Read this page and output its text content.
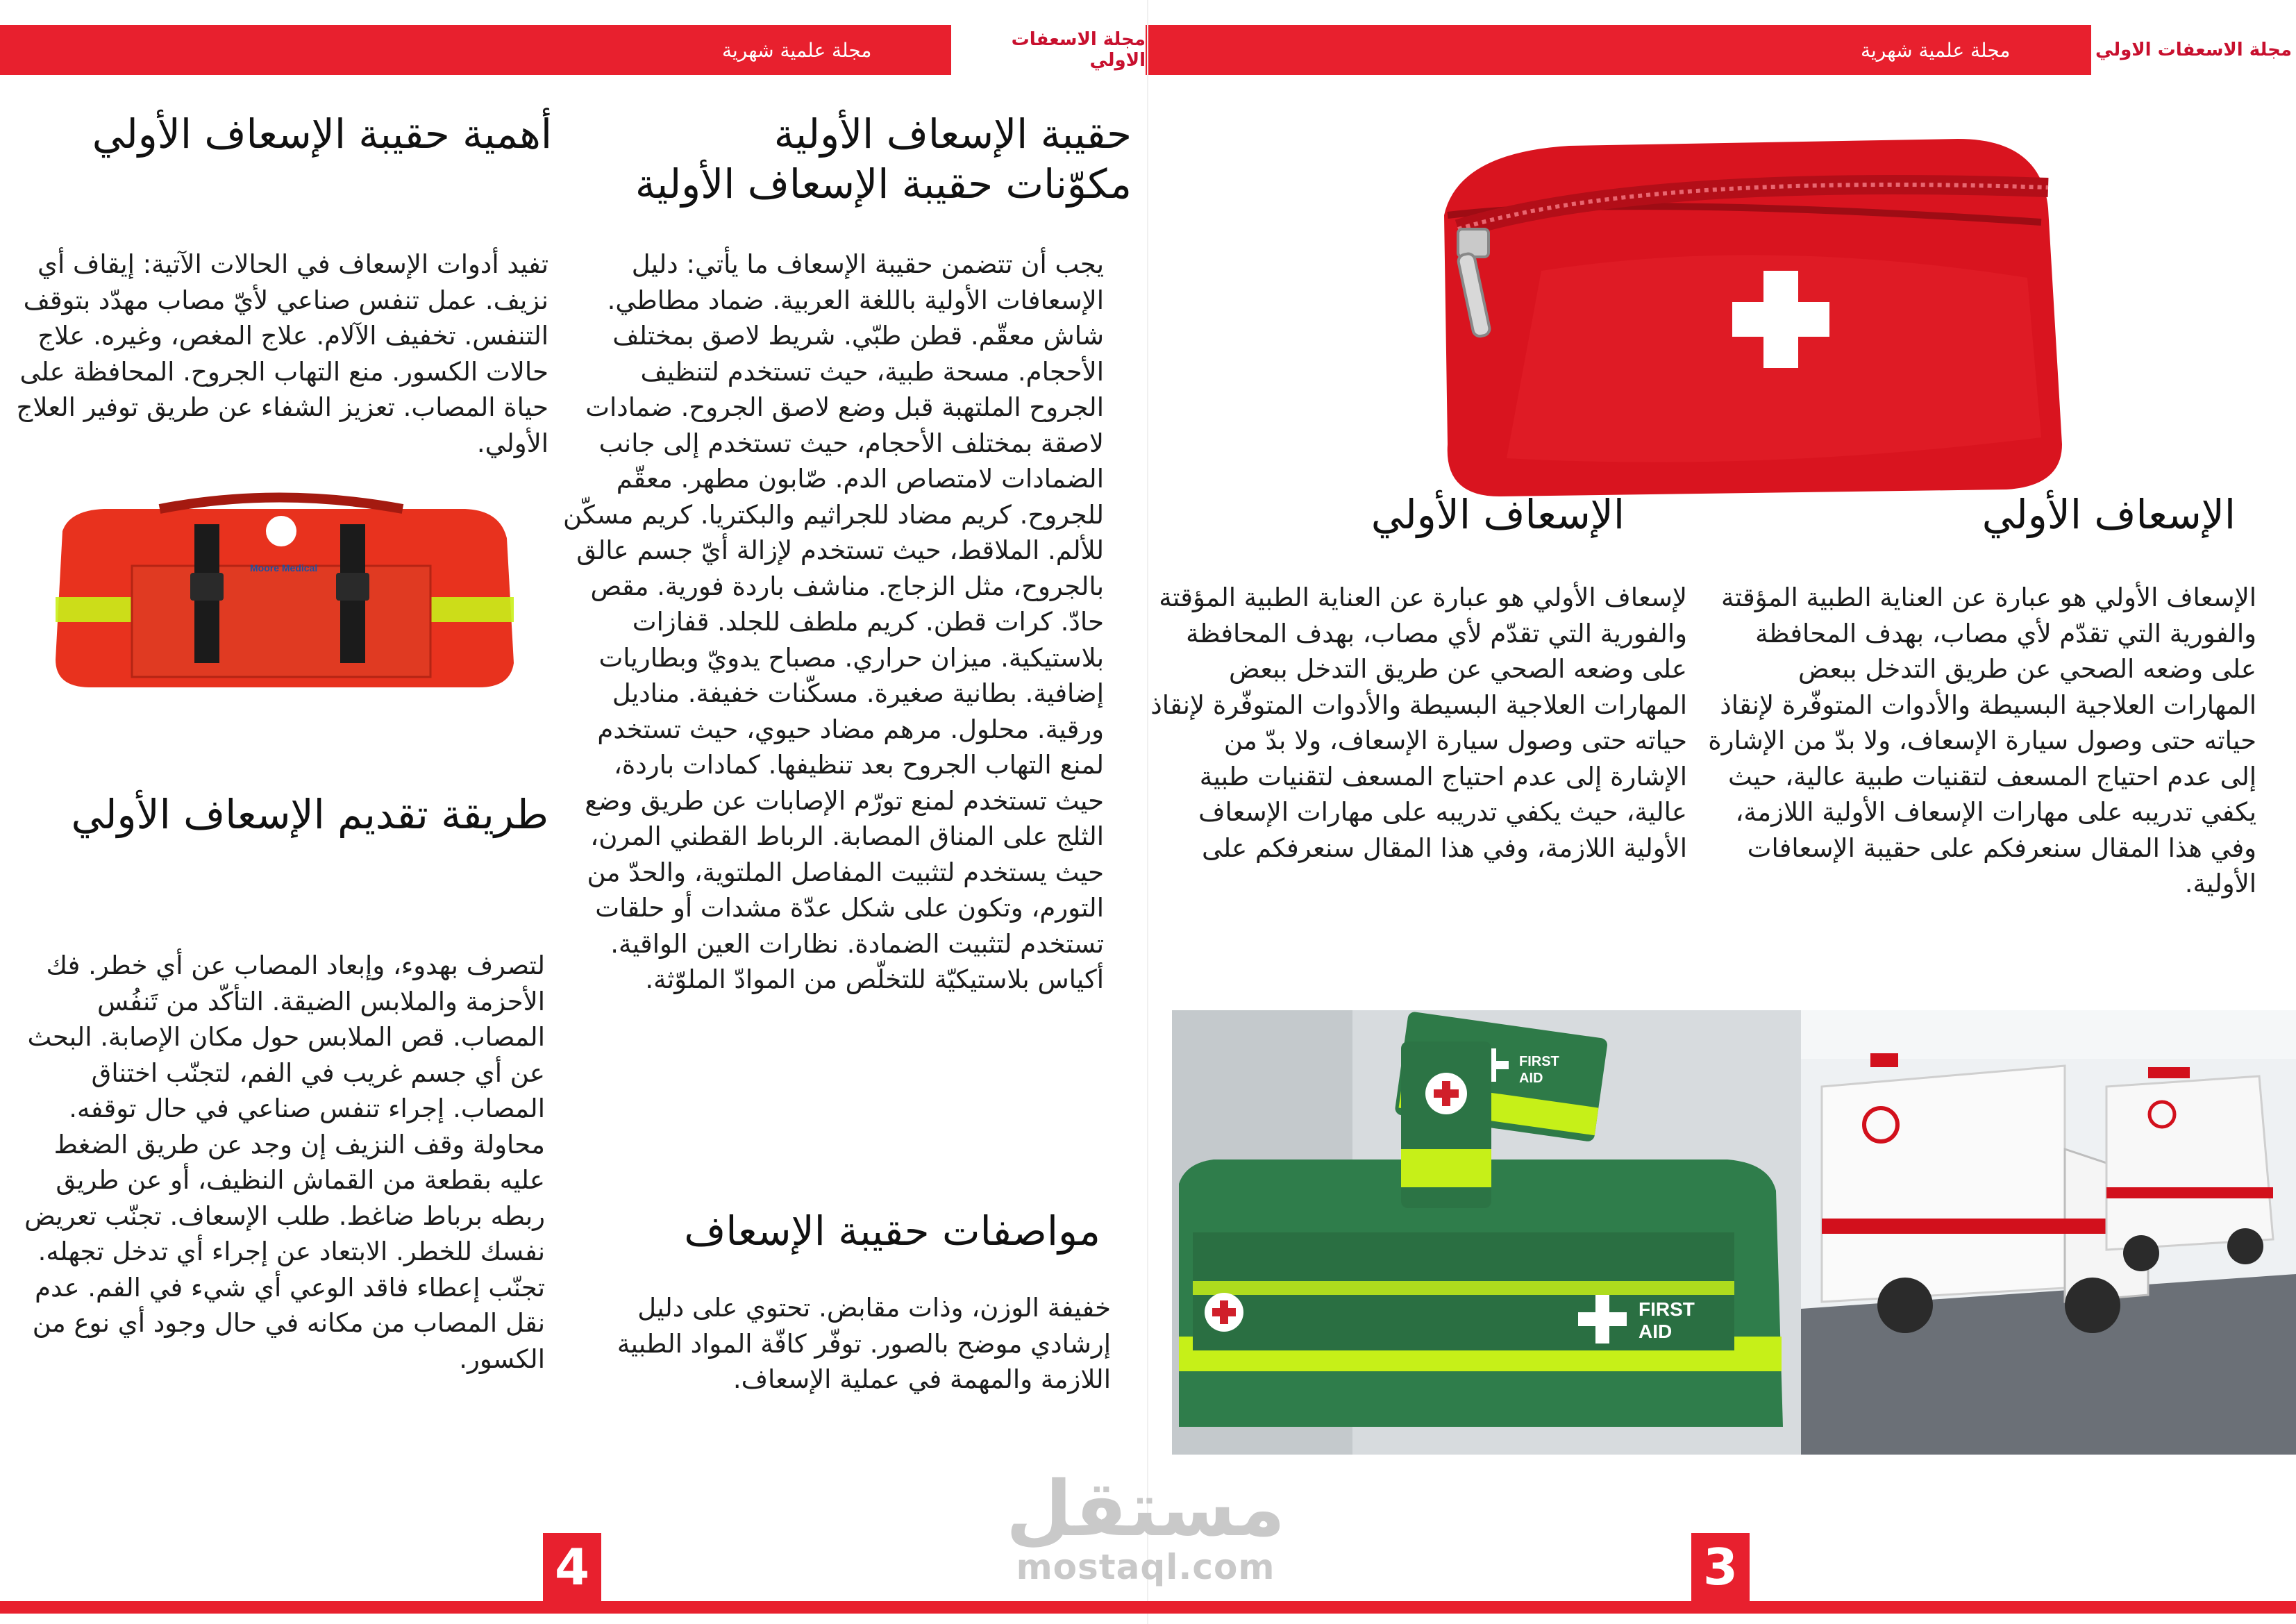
مجلة الاسعفات الاولي
مجلة علمية شهرية	مجلة الاسعفات الاولي
مجلة علمية شهرية
الإسعاف الأولي
الإسعاف الأولي

الإسعاف الأولي هو عبارة عن العناية الطبية المؤقتة والفورية التي تقدّم لأي مصاب، بهدف المحافظة على وضعه الصحي عن طريق التدخل ببعض المهارات العلاجية البسيطة والأدوات المتوفّرة لإنقاذ حياته حتى وصول سيارة الإسعاف، ولا بدّ من الإشارة إلى عدم احتياج المسعف لتقنيات طبية عالية، حيث يكفي تدريبه على مهارات الإسعاف الأولية اللازمة، وفي هذا المقال سنعرفكم على حقيبة الإسعافات الأولية.

لإسعاف الأولي هو عبارة عن العناية الطبية المؤقتة والفورية التي تقدّم لأي مصاب، بهدف المحافظة على وضعه الصحي عن طريق التدخل ببعض المهارات العلاجية البسيطة والأدوات المتوفّرة لإنقاذ حياته حتى وصول سيارة الإسعاف، ولا بدّ من الإشارة إلى عدم احتياج المسعف لتقنيات طبية عالية، حيث يكفي تدريبه على مهارات الإسعاف الأولية اللازمة، وفي هذا المقال سنعرفكم على

FIRST
AID
FIRST
AID
حقيبة الإسعاف الأولية
مكوّنات حقيبة الإسعاف الأولية
أهمية حقيبة الإسعاف الأولي

يجب أن تتضمن حقيبة الإسعاف ما يأتي: دليل الإسعافات الأولية باللغة العربية. ضماد مطاطي. شاش معقّم. قطن طبّي. شريط لاصق بمختلف الأحجام. مسحة طبية، حيث تستخدم لتنظيف الجروح الملتهبة قبل وضع لاصق الجروح. ضمادات لاصقة بمختلف الأحجام، حيث تستخدم إلى جانب الضمادات لامتصاص الدم. صّابون مطهر. معقّم للجروح. كريم مضاد للجراثيم والبكتريا. كريم مسكّن للألم. الملاقط، حيث تستخدم لإزالة أيّ جسم عالق بالجروح، مثل الزجاج. مناشف باردة فورية. مقص حادّ. كرات قطن. كريم ملطف للجلد. قفازات بلاستيكية. ميزان حراري. مصباح يدويّ وبطاريات إضافية. بطانية صغيرة. مسكّنات خفيفة. مناديل ورقية. محلول. مرهم مضاد حيوي، حيث تستخدم لمنع التهاب الجروح بعد تنظيفها. كمادات باردة، حيث تستخدم لمنع تورّم الإصابات عن طريق وضع الثلج على المناق المصابة. الرباط القطني المرن، حيث يستخدم لتثبيت المفاصل الملتوية، والحدّ من التورم، وتكون على شكل عدّة مشدات أو حلقات تستخدم لتثبيت الضمادة. نظارات العين الواقية. أكياس بلاستيكيّة للتخلّص من الموادّ الملوّثة.

تفيد أدوات الإسعاف في الحالات الآتية: إيقاف أي نزيف. عمل تنفس صناعي لأيّ مصاب مهدّد بتوقف التنفس. تخفيف الآلام. علاج المغص، وغيره. علاج حالات الكسور. منع التهاب الجروح. المحافظة على حياة المصاب. تعزيز الشفاء عن طريق توفير العلاج الأولي.

Moore Medical
طريقة تقديم الإسعاف الأولي

لتصرف بهدوء، وإبعاد المصاب عن أي خطر. فك الأحزمة والملابس الضيقة. التأكّد من تَنفُس المصاب. قص الملابس حول مكان الإصابة. البحث عن أي جسم غريب في الفم، لتجنّب اختناق المصاب. إجراء تنفس صناعي في حال توقفه. محاولة وقف النزيف إن وجد عن طريق الضغط عليه بقطعة من القماش النظيف، أو عن طريق ربطه برباط ضاغط. طلب الإسعاف. تجنّب تعريض نفسك للخطر. الابتعاد عن إجراء أي تدخل تجهله. تجنّب إعطاء فاقد الوعي أي شيء في الفم. عدم نقل المصاب من مكانه في حال وجود أي نوع من الكسور.

مواصفات حقيبة الإسعاف

خفيفة الوزن، وذات مقابض. تحتوي على دليل إرشادي موضح بالصور. توفّر كافّة المواد الطبية اللازمة والمهمة في عملية الإسعاف.

4	3
مستقل
mostaql.com
